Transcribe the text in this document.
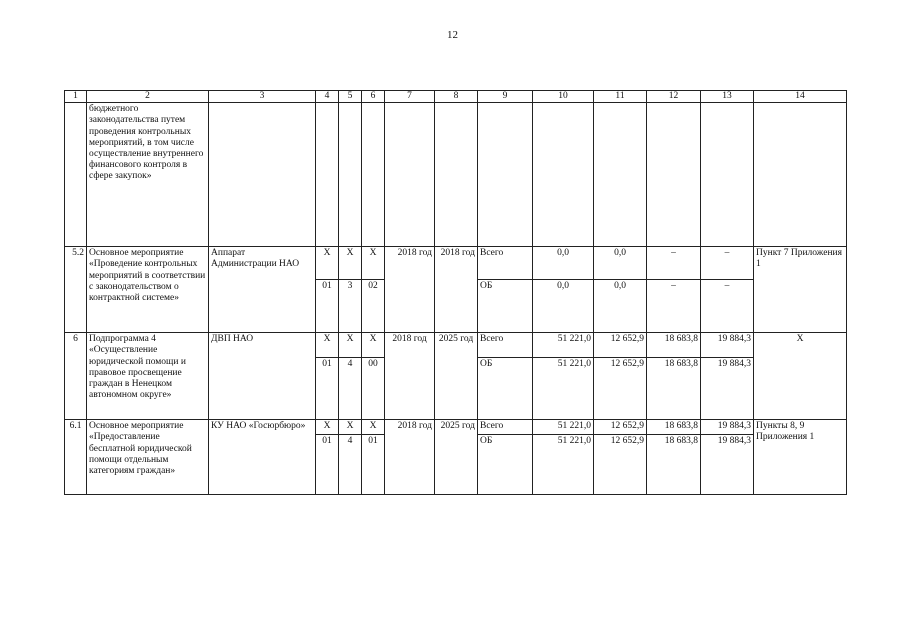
12
1	2	3	4	5	6	7	8	9	10	11	12	13	14
	бюджетного законодательства путем проведения контрольных мероприятий, в том числе осуществление внутреннего финансового контроля в сфере закупок»												
5.2	Основное мероприятие «Проведение контрольных мероприятий в соответствии с законодательством о контрактной системе»	Аппарат Администрации НАО	Х	Х	Х	2018 год	2018 год	Всего	0,0	0,0	–	–	Пункт 7 Приложения 1
			01	3	02			ОБ	0,0	0,0	–	–	
6	Подпрограмма 4 «Осуществление юридической помощи и правовое просвещение граждан в Ненецком автономном округе»	ДВП НАО	Х	Х	Х	2018 год	2025 год	Всего	51 221,0	12 652,9	18 683,8	19 884,3	Х
			01	4	00			ОБ	51 221,0	12 652,9	18 683,8	19 884,3	
6.1	Основное мероприятие «Предоставление бесплатной юридической помощи отдельным категориям граждан»	КУ НАО «Госюрбюро»	Х	Х	Х	2018 год	2025 год	Всего	51 221,0	12 652,9	18 683,8	19 884,3	Пункты 8, 9 Приложения 1
			01	4	01			ОБ	51 221,0	12 652,9	18 683,8	19 884,3	
